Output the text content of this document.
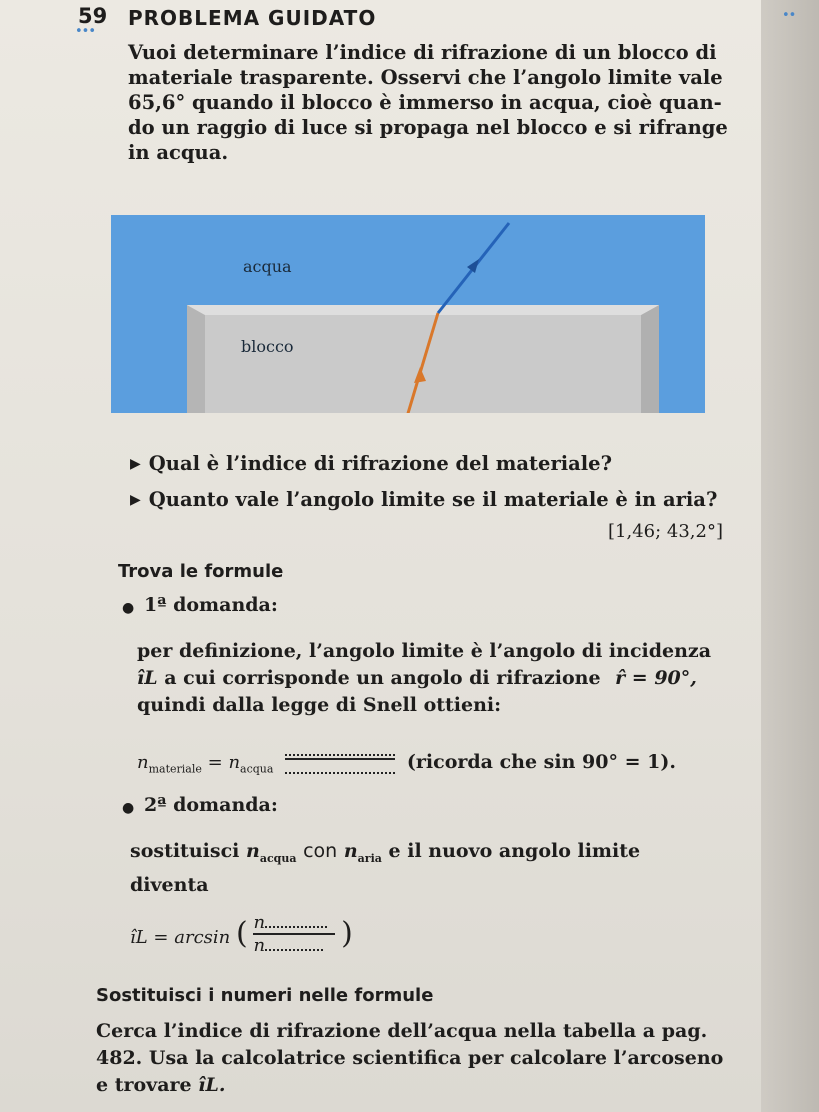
59 PROBLEMA GUIDATO
•••
••
Vuoi determinare l’indice di rifrazione di un blocco di
materiale trasparente. Osservi che l’angolo limite vale
65,6° quando il blocco è immerso in acqua, cioè quan-
do un raggio di luce si propaga nel blocco e si rifrange
in acqua.
acqua
blocco
▶ Qual è l’indice di rifrazione del materiale?
▶ Quanto vale l’angolo limite se il materiale è in aria?
[1,46; 43,2°]
Trova le formule
● 1ª domanda:
per definizione, l’angolo limite è l’angolo di incidenza
îL a cui corrisponde un angolo di rifrazione r̂ = 90°,
quindi dalla legge di Snell ottieni:
$n_{materiale} = n_{acqua}$	(ricorda che sin 90° = 1).
● 2ª domanda:
sostituisci $n_{acqua}$ con $n_{aria}$ e il nuovo angolo limite
diventa
îL = arcsin ( $\frac{n}{n}$ )
Sostituisci i numeri nelle formule
Cerca l’indice di rifrazione dell’acqua nella tabella a pag.
482. Usa la calcolatrice scientifica per calcolare l’arcoseno
e trovare îL.
